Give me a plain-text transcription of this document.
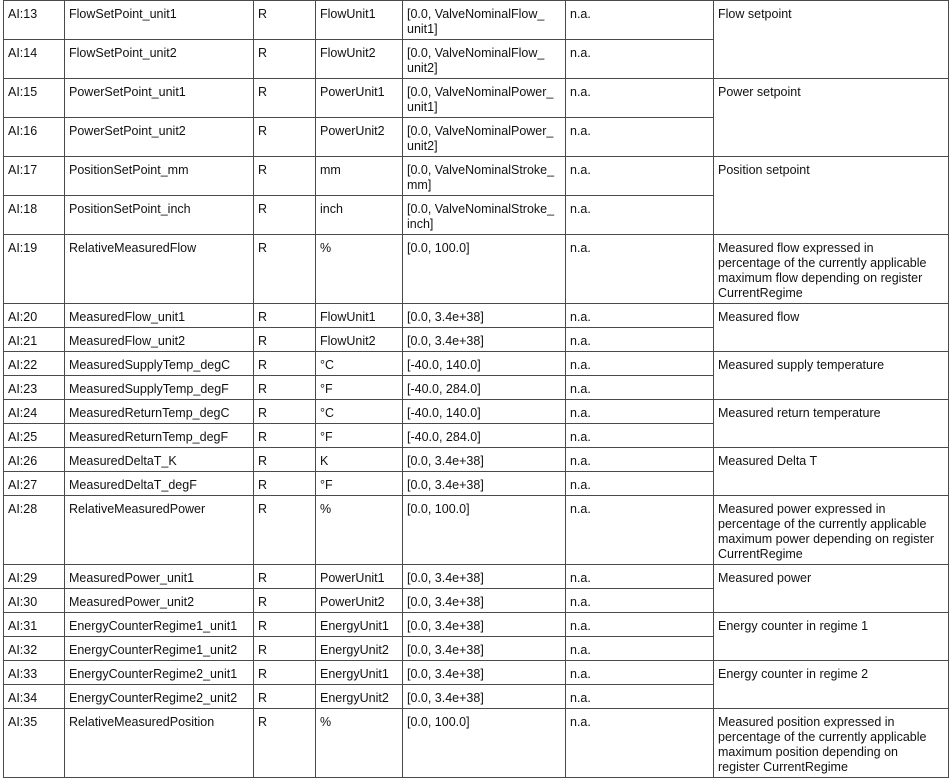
AI:13	FlowSetPoint_unit1	R	FlowUnit1	[0.0, ValveNominalFlow_
unit1]	n.a.	Flow setpoint
AI:14	FlowSetPoint_unit2	R	FlowUnit2	[0.0, ValveNominalFlow_
unit2]	n.a.	
AI:15	PowerSetPoint_unit1	R	PowerUnit1	[0.0, ValveNominalPower_
unit1]	n.a.	Power setpoint
AI:16	PowerSetPoint_unit2	R	PowerUnit2	[0.0, ValveNominalPower_
unit2]	n.a.	
AI:17	PositionSetPoint_mm	R	mm	[0.0, ValveNominalStroke_
mm]	n.a.	Position setpoint
AI:18	PositionSetPoint_inch	R	inch	[0.0, ValveNominalStroke_
inch]	n.a.	
AI:19	RelativeMeasuredFlow	R	%	[0.0, 100.0]	n.a.	Measured flow expressed in
percentage of the currently applicable
maximum flow depending on register
CurrentRegime
AI:20	MeasuredFlow_unit1	R	FlowUnit1	[0.0, 3.4e+38]	n.a.	Measured flow
AI:21	MeasuredFlow_unit2	R	FlowUnit2	[0.0, 3.4e+38]	n.a.	
AI:22	MeasuredSupplyTemp_degC	R	°C	[-40.0, 140.0]	n.a.	Measured supply temperature
AI:23	MeasuredSupplyTemp_degF	R	°F	[-40.0, 284.0]	n.a.	
AI:24	MeasuredReturnTemp_degC	R	°C	[-40.0, 140.0]	n.a.	Measured return temperature
AI:25	MeasuredReturnTemp_degF	R	°F	[-40.0, 284.0]	n.a.	
AI:26	MeasuredDeltaT_K	R	K	[0.0, 3.4e+38]	n.a.	Measured Delta T
AI:27	MeasuredDeltaT_degF	R	°F	[0.0, 3.4e+38]	n.a.	
AI:28	RelativeMeasuredPower	R	%	[0.0, 100.0]	n.a.	Measured power expressed in
percentage of the currently applicable
maximum power depending on register
CurrentRegime
AI:29	MeasuredPower_unit1	R	PowerUnit1	[0.0, 3.4e+38]	n.a.	Measured power
AI:30	MeasuredPower_unit2	R	PowerUnit2	[0.0, 3.4e+38]	n.a.	
AI:31	EnergyCounterRegime1_unit1	R	EnergyUnit1	[0.0, 3.4e+38]	n.a.	Energy counter in regime 1
AI:32	EnergyCounterRegime1_unit2	R	EnergyUnit2	[0.0, 3.4e+38]	n.a.	
AI:33	EnergyCounterRegime2_unit1	R	EnergyUnit1	[0.0, 3.4e+38]	n.a.	Energy counter in regime 2
AI:34	EnergyCounterRegime2_unit2	R	EnergyUnit2	[0.0, 3.4e+38]	n.a.	
AI:35	RelativeMeasuredPosition	R	%	[0.0, 100.0]	n.a.	Measured position expressed in
percentage of the currently applicable
maximum position depending on
register CurrentRegime
